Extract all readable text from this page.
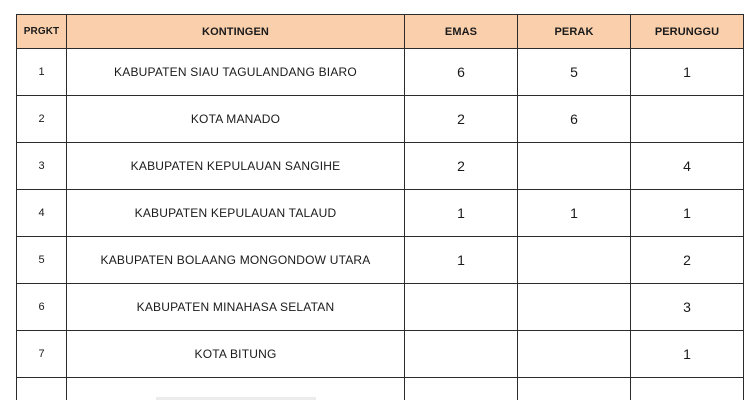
PRGKT	KONTINGEN	EMAS	PERAK	PERUNGGU
1	KABUPATEN SIAU TAGULANDANG BIARO	6	5	1
2	KOTA MANADO	2	6	
3	KABUPATEN KEPULAUAN SANGIHE	2		4
4	KABUPATEN KEPULAUAN TALAUD	1	1	1
5	KABUPATEN BOLAANG MONGONDOW UTARA	1		2
6	KABUPATEN MINAHASA SELATAN			3
7	KOTA BITUNG			1
